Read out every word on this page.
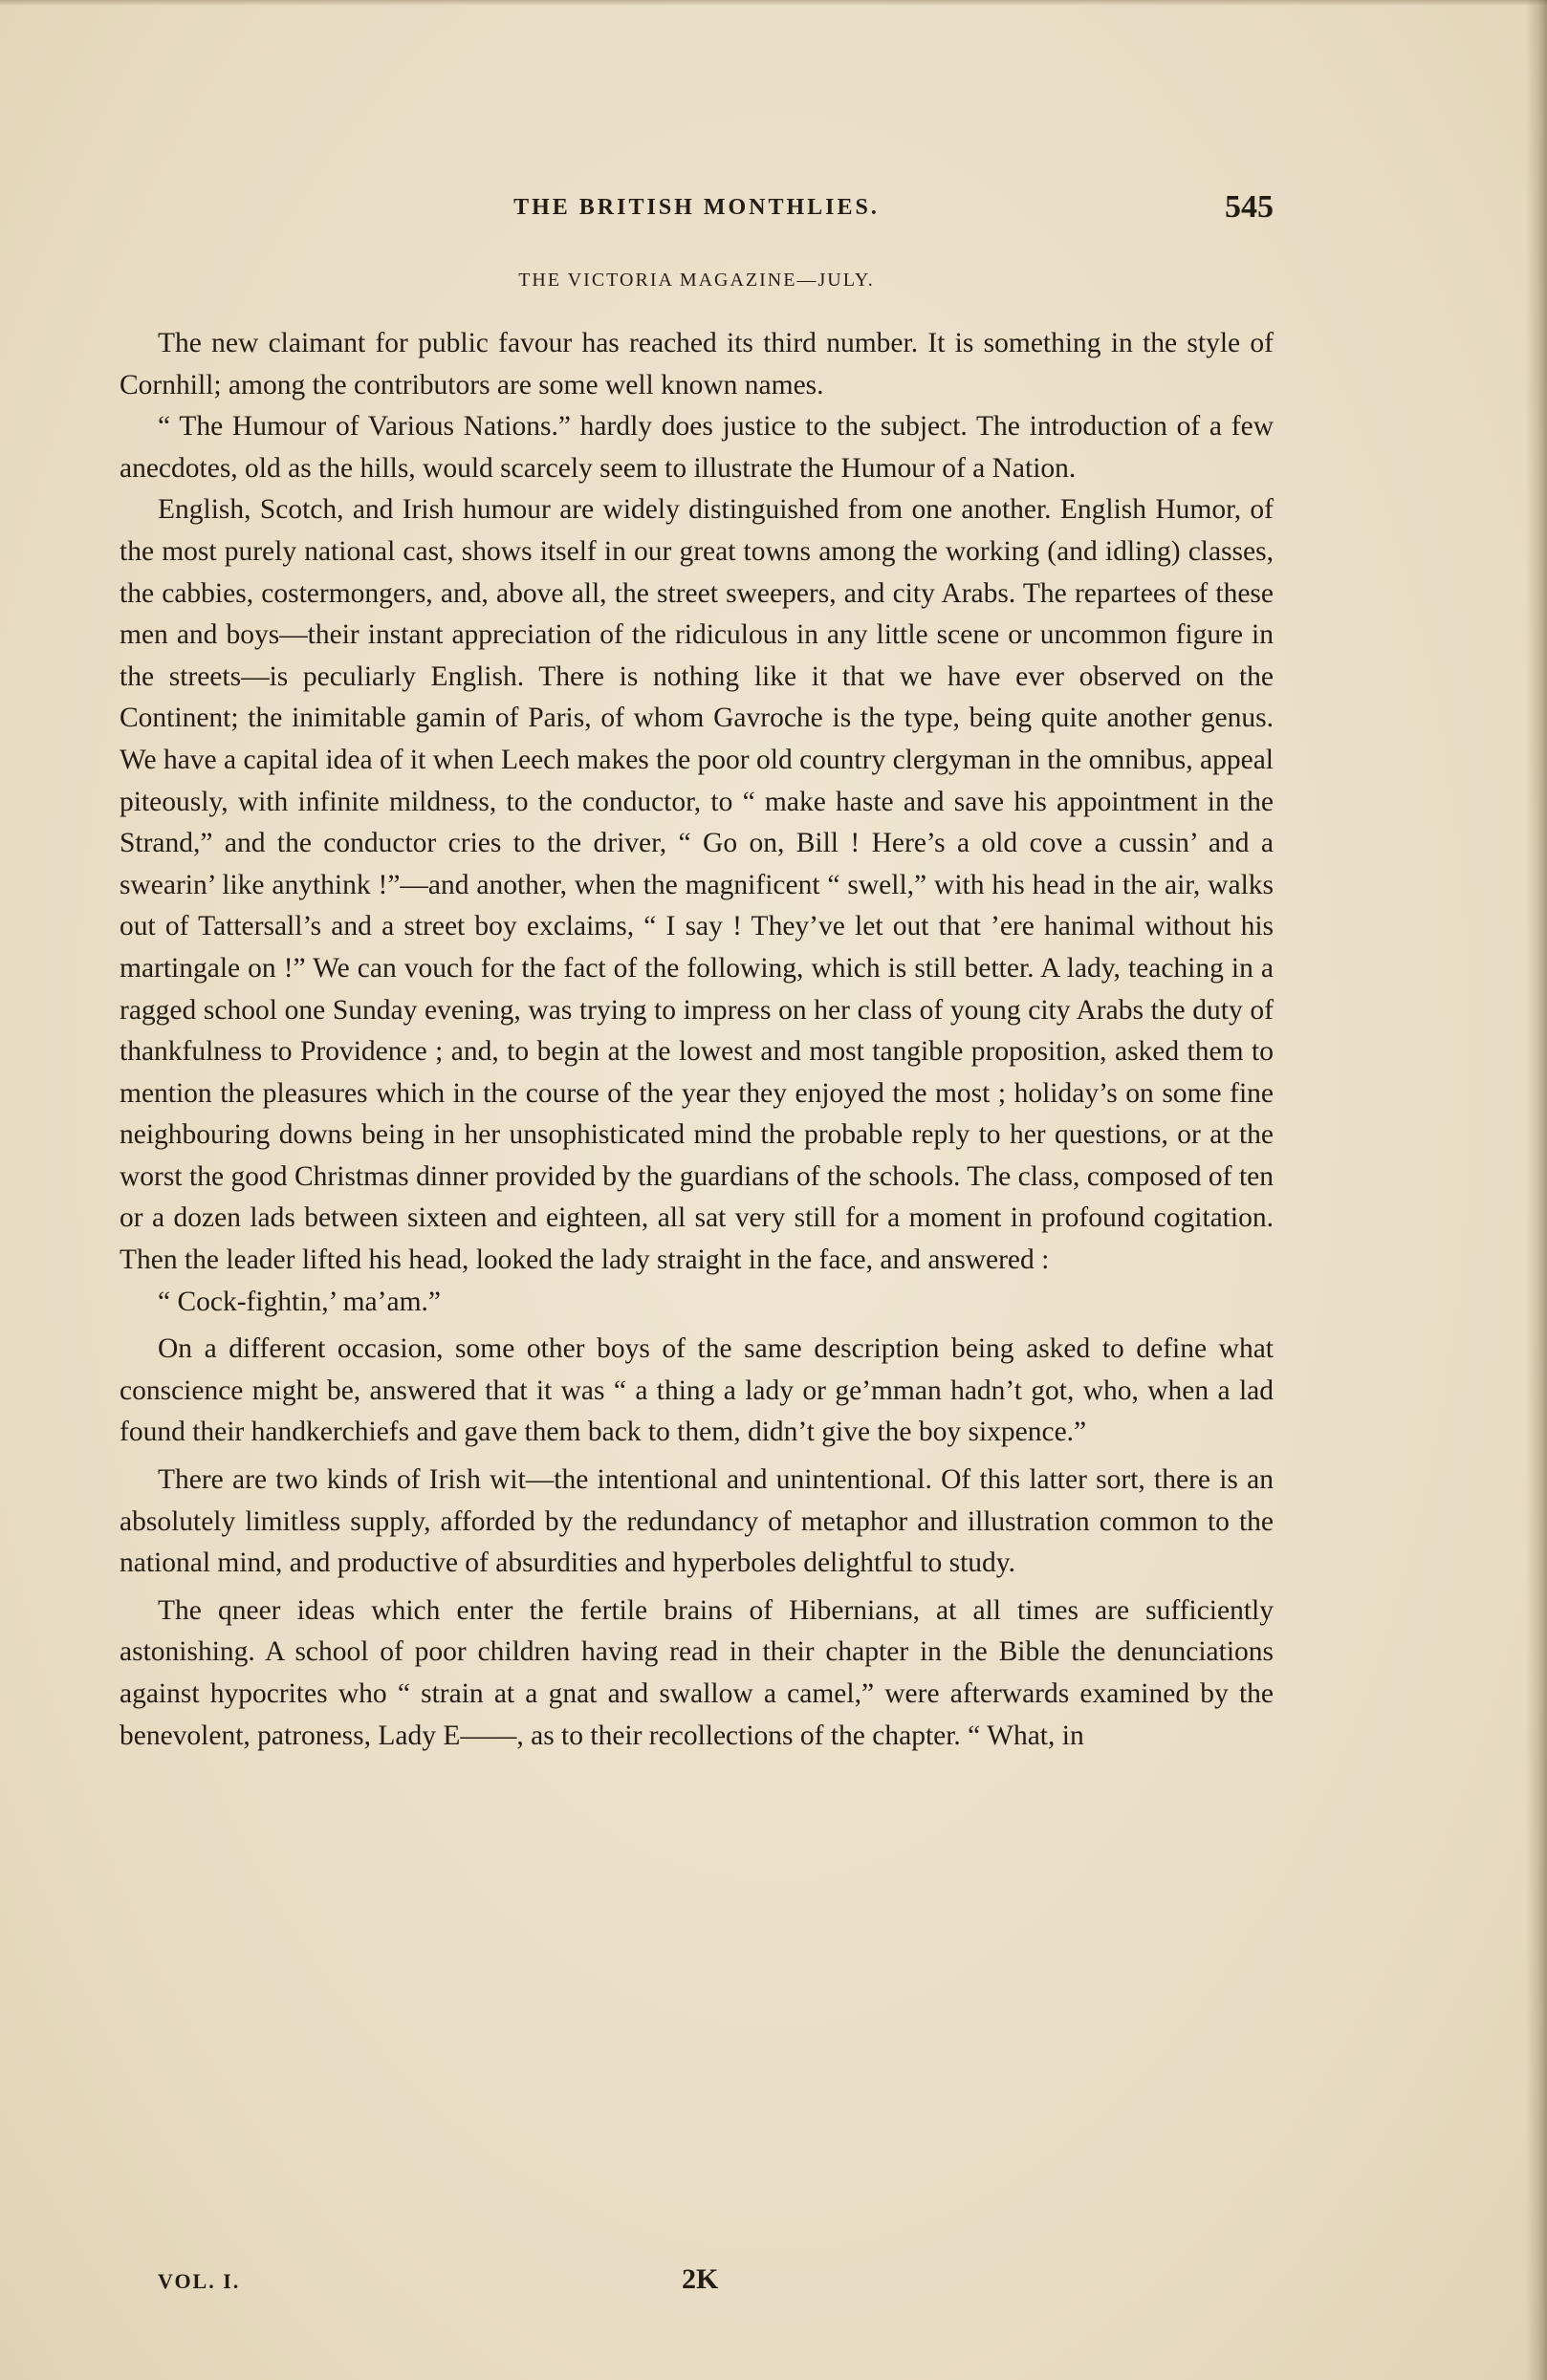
THE BRITISH MONTHLIES.	545
THE VICTORIA MAGAZINE—JULY.

The new claimant for public favour has reached its third number. It is something in the style of Cornhill; among the contributors are some well known names.

“ The Humour of Various Nations.” hardly does justice to the subject. The introduction of a few anecdotes, old as the hills, would scarcely seem to illustrate the Humour of a Nation.

English, Scotch, and Irish humour are widely distinguished from one another. English Humor, of the most purely national cast, shows itself in our great towns among the working (and idling) classes, the cabbies, costermongers, and, above all, the street sweepers, and city Arabs. The repartees of these men and boys—their instant appreciation of the ridiculous in any little scene or uncommon figure in the streets—is peculiarly English. There is nothing like it that we have ever observed on the Continent; the inimitable gamin of Paris, of whom Gavroche is the type, being quite another genus. We have a capital idea of it when Leech makes the poor old country clergyman in the omnibus, appeal piteously, with infinite mildness, to the conductor, to “ make haste and save his appointment in the Strand,” and the conductor cries to the driver, “ Go on, Bill ! Here’s a old cove a cussin’ and a swearin’ like anythink !”—and another, when the magnificent “ swell,” with his head in the air, walks out of Tattersall’s and a street boy exclaims, “ I say ! They’ve let out that ’ere hanimal without his martingale on !” We can vouch for the fact of the following, which is still better. A lady, teaching in a ragged school one Sunday evening, was trying to impress on her class of young city Arabs the duty of thankfulness to Providence ; and, to begin at the lowest and most tangible proposition, asked them to mention the pleasures which in the course of the year they enjoyed the most ; holiday’s on some fine neighbouring downs being in her unsophisticated mind the probable reply to her questions, or at the worst the good Christmas dinner provided by the guardians of the schools. The class, composed of ten or a dozen lads between sixteen and eighteen, all sat very still for a moment in profound cogitation. Then the leader lifted his head, looked the lady straight in the face, and answered :

“ Cock-fightin,’ ma’am.”

On a different occasion, some other boys of the same description being asked to define what conscience might be, answered that it was “ a thing a lady or ge’mman hadn’t got, who, when a lad found their handkerchiefs and gave them back to them, didn’t give the boy sixpence.”

There are two kinds of Irish wit—the intentional and unintentional. Of this latter sort, there is an absolutely limitless supply, afforded by the redundancy of metaphor and illustration common to the national mind, and productive of absurdities and hyperboles delightful to study.

The qneer ideas which enter the fertile brains of Hibernians, at all times are sufficiently astonishing. A school of poor children having read in their chapter in the Bible the denunciations against hypocrites who “ strain at a gnat and swallow a camel,” were afterwards examined by the benevolent, patroness, Lady E——, as to their recollections of the chapter. “ What, in

VOL. I.	2K
